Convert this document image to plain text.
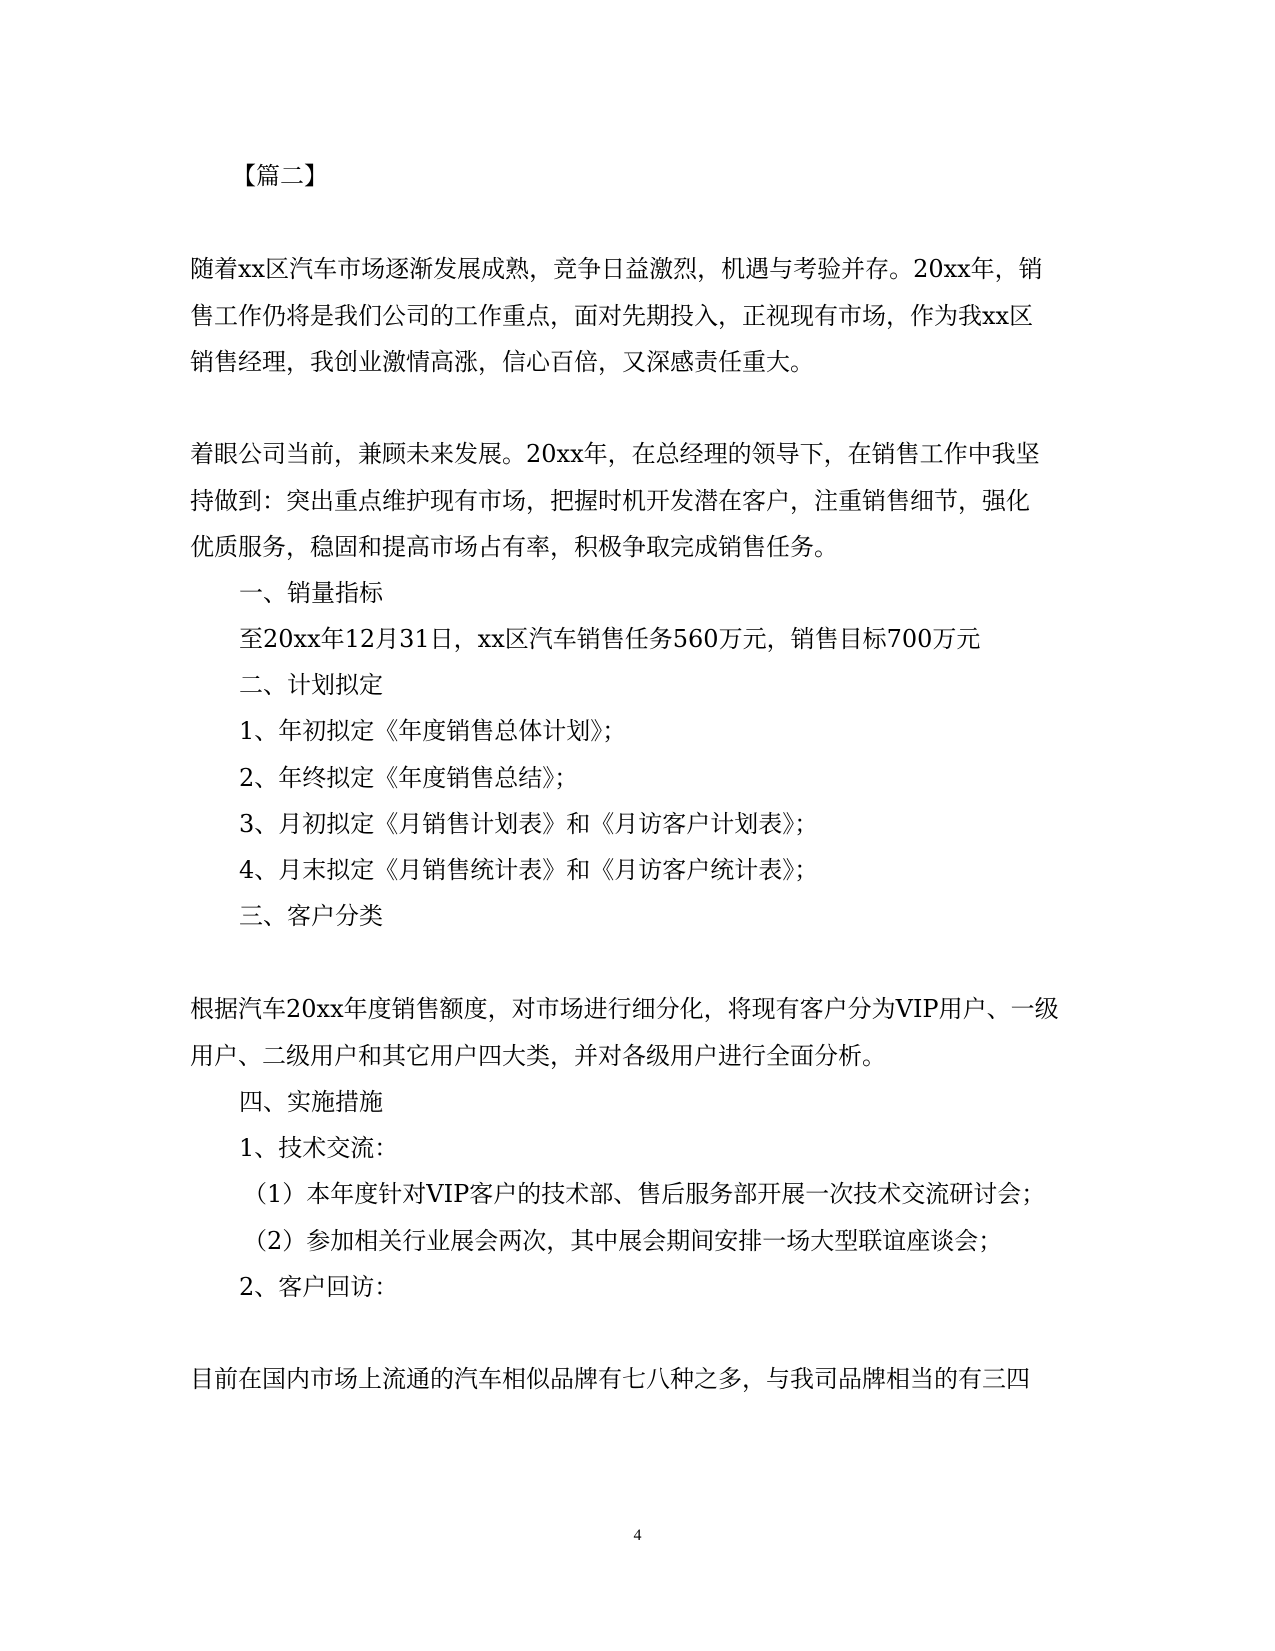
【篇二】
随着xx区汽车市场逐渐发展成熟，竞争日益激烈，机遇与考验并存。20xx年，销
售工作仍将是我们公司的工作重点，面对先期投入，正视现有市场，作为我xx区
销售经理，我创业激情高涨，信心百倍，又深感责任重大。
着眼公司当前，兼顾未来发展。20xx年，在总经理的领导下，在销售工作中我坚
持做到：突出重点维护现有市场，把握时机开发潜在客户，注重销售细节，强化
优质服务，稳固和提高市场占有率，积极争取完成销售任务。
一、销量指标
至20xx年12月31日，xx区汽车销售任务560万元，销售目标700万元
二、计划拟定
1、年初拟定《年度销售总体计划》；
2、年终拟定《年度销售总结》；
3、月初拟定《月销售计划表》和《月访客户计划表》；
4、月末拟定《月销售统计表》和《月访客户统计表》；
三、客户分类
根据汽车20xx年度销售额度，对市场进行细分化，将现有客户分为VIP用户、一级
用户、二级用户和其它用户四大类，并对各级用户进行全面分析。
四、实施措施
1、技术交流：
（1）本年度针对VIP客户的技术部、售后服务部开展一次技术交流研讨会；
（2）参加相关行业展会两次，其中展会期间安排一场大型联谊座谈会；
2、客户回访：
目前在国内市场上流通的汽车相似品牌有七八种之多，与我司品牌相当的有三四
4
